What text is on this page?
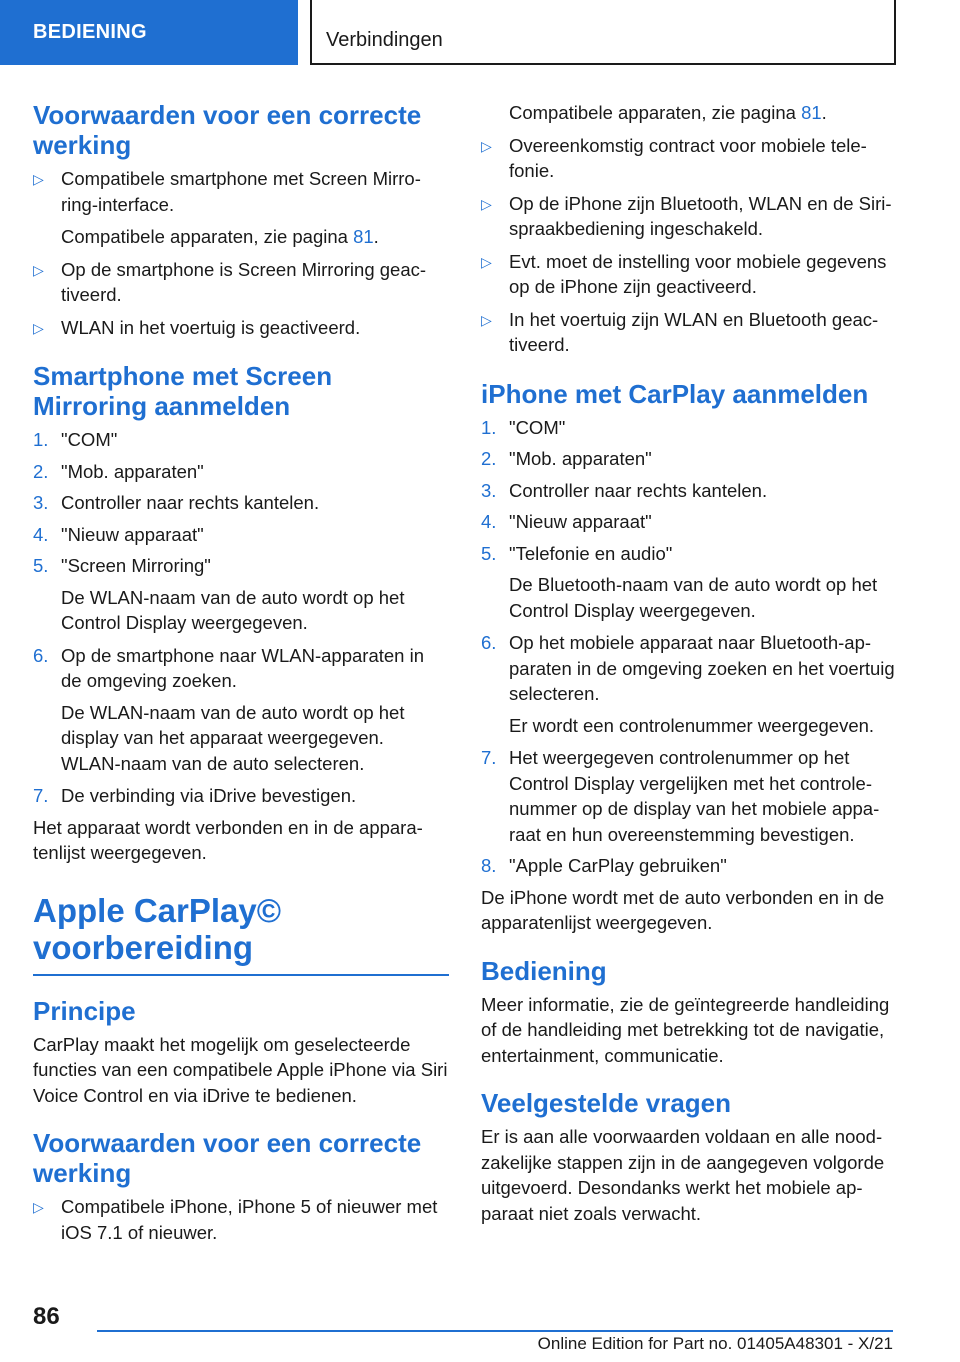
BEDIENING	Verbindingen
Voorwaarden voor een correcte werking
▷ Compatibele smartphone met Screen Mirroring-interface.
Compatibele apparaten, zie pagina 81.
▷ Op de smartphone is Screen Mirroring geactiveerd.
▷ WLAN in het voertuig is geactiveerd.
Smartphone met Screen Mirroring aanmelden
1. "COM"
2. "Mob. apparaten"
3. Controller naar rechts kantelen.
4. "Nieuw apparaat"
5. "Screen Mirroring"
De WLAN-naam van de auto wordt op het Control Display weergegeven.
6. Op de smartphone naar WLAN-apparaten in de omgeving zoeken.
De WLAN-naam van de auto wordt op het display van het apparaat weergegeven.
WLAN-naam van de auto selecteren.
7. De verbinding via iDrive bevestigen.

Het apparaat wordt verbonden en in de apparatenlijst weergegeven.

Apple CarPlay© voorbereiding
Principe

CarPlay maakt het mogelijk om geselecteerde functies van een compatibele Apple iPhone via Siri Voice Control en via iDrive te bedienen.

Voorwaarden voor een correcte werking
▷ Compatibele iPhone, iPhone 5 of nieuwer met iOS 7.1 of nieuwer.
Compatibele apparaten, zie pagina 81.
▷ Overeenkomstig contract voor mobiele telefonie.
▷ Op de iPhone zijn Bluetooth, WLAN en de Siri-spraakbediening ingeschakeld.
▷ Evt. moet de instelling voor mobiele gegevens op de iPhone zijn geactiveerd.
▷ In het voertuig zijn WLAN en Bluetooth geactiveerd.
iPhone met CarPlay aanmelden
1. "COM"
2. "Mob. apparaten"
3. Controller naar rechts kantelen.
4. "Nieuw apparaat"
5. "Telefonie en audio"
De Bluetooth-naam van de auto wordt op het Control Display weergegeven.
6. Op het mobiele apparaat naar Bluetooth-apparaten in de omgeving zoeken en het voertuig selecteren.
Er wordt een controlenummer weergegeven.
7. Het weergegeven controlenummer op het Control Display vergelijken met het controlenummer op de display van het mobiele apparaat en hun overeenstemming bevestigen.
8. "Apple CarPlay gebruiken"

De iPhone wordt met de auto verbonden en in de apparatenlijst weergegeven.

Bediening

Meer informatie, zie de geïntegreerde handleiding of de handleiding met betrekking tot de navigatie, entertainment, communicatie.

Veelgestelde vragen

Er is aan alle voorwaarden voldaan en alle noodzakelijke stappen zijn in de aangegeven volgorde uitgevoerd. Desondanks werkt het mobiele apparaat niet zoals verwacht.

86
Online Edition for Part no. 01405A48301 - X/21
